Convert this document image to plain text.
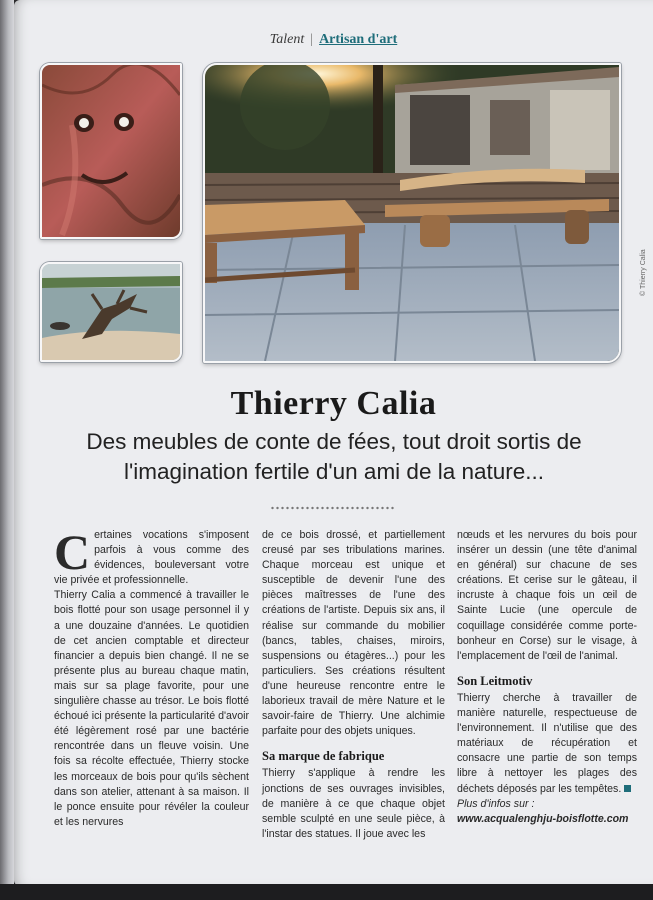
Talent | Artisan d'art
© Thierry Calia
Thierry Calia
Des meubles de conte de fées, tout droit sortis de l'imagination fertile d'un ami de la nature...

Certaines vocations s'imposent parfois à vous comme des évidences, bouleversant votre vie privée et professionnelle.

Thierry Calia a commencé à travailler le bois flotté pour son usage personnel il y a une douzaine d'années. Le quotidien de cet ancien comptable et directeur financier a depuis bien changé. Il ne se présente plus au bureau chaque matin, mais sur sa plage favorite, pour une singulière chasse au trésor. Le bois flotté échoué ici présente la particularité d'avoir été légèrement rosé par une bactérie rencontrée dans un fleuve voisin. Une fois sa récolte effectuée, Thierry stocke les morceaux de bois pour qu'ils sèchent dans son atelier, attenant à sa maison. Il le ponce ensuite pour révéler la couleur et les nervures

de ce bois drossé, et partiellement creusé par ses tribulations marines. Chaque morceau est unique et susceptible de devenir l'une des pièces maîtresses de l'une des créations de l'artiste. Depuis six ans, il réalise sur commande du mobilier (bancs, tables, chaises, miroirs, suspensions ou étagères...) pour les particuliers. Ses créations résultent d'une heureuse rencontre entre le laborieux travail de mère Nature et le savoir-faire de Thierry. Une alchimie parfaite pour des objets uniques.

Sa marque de fabrique

Thierry s'applique à rendre les jonctions de ses ouvrages invisibles, de manière à ce que chaque objet semble sculpté en une seule pièce, à l'instar des statues. Il joue avec les

nœuds et les nervures du bois pour insérer un dessin (une tête d'animal en général) sur chacune de ses créations. Et cerise sur le gâteau, il incruste à chaque fois un œil de Sainte Lucie (une opercule de coquillage considérée comme porte-bonheur en Corse) sur le visage, à l'emplacement de l'œil de l'animal.

Son Leitmotiv

Thierry cherche à travailler de manière naturelle, respectueuse de l'environnement. Il n'utilise que des matériaux de récupération et consacre une partie de son temps libre à nettoyer les plages des déchets déposés par les tempêtes.

Plus d'infos sur :

www.acqualenghju-boisflotte.com
